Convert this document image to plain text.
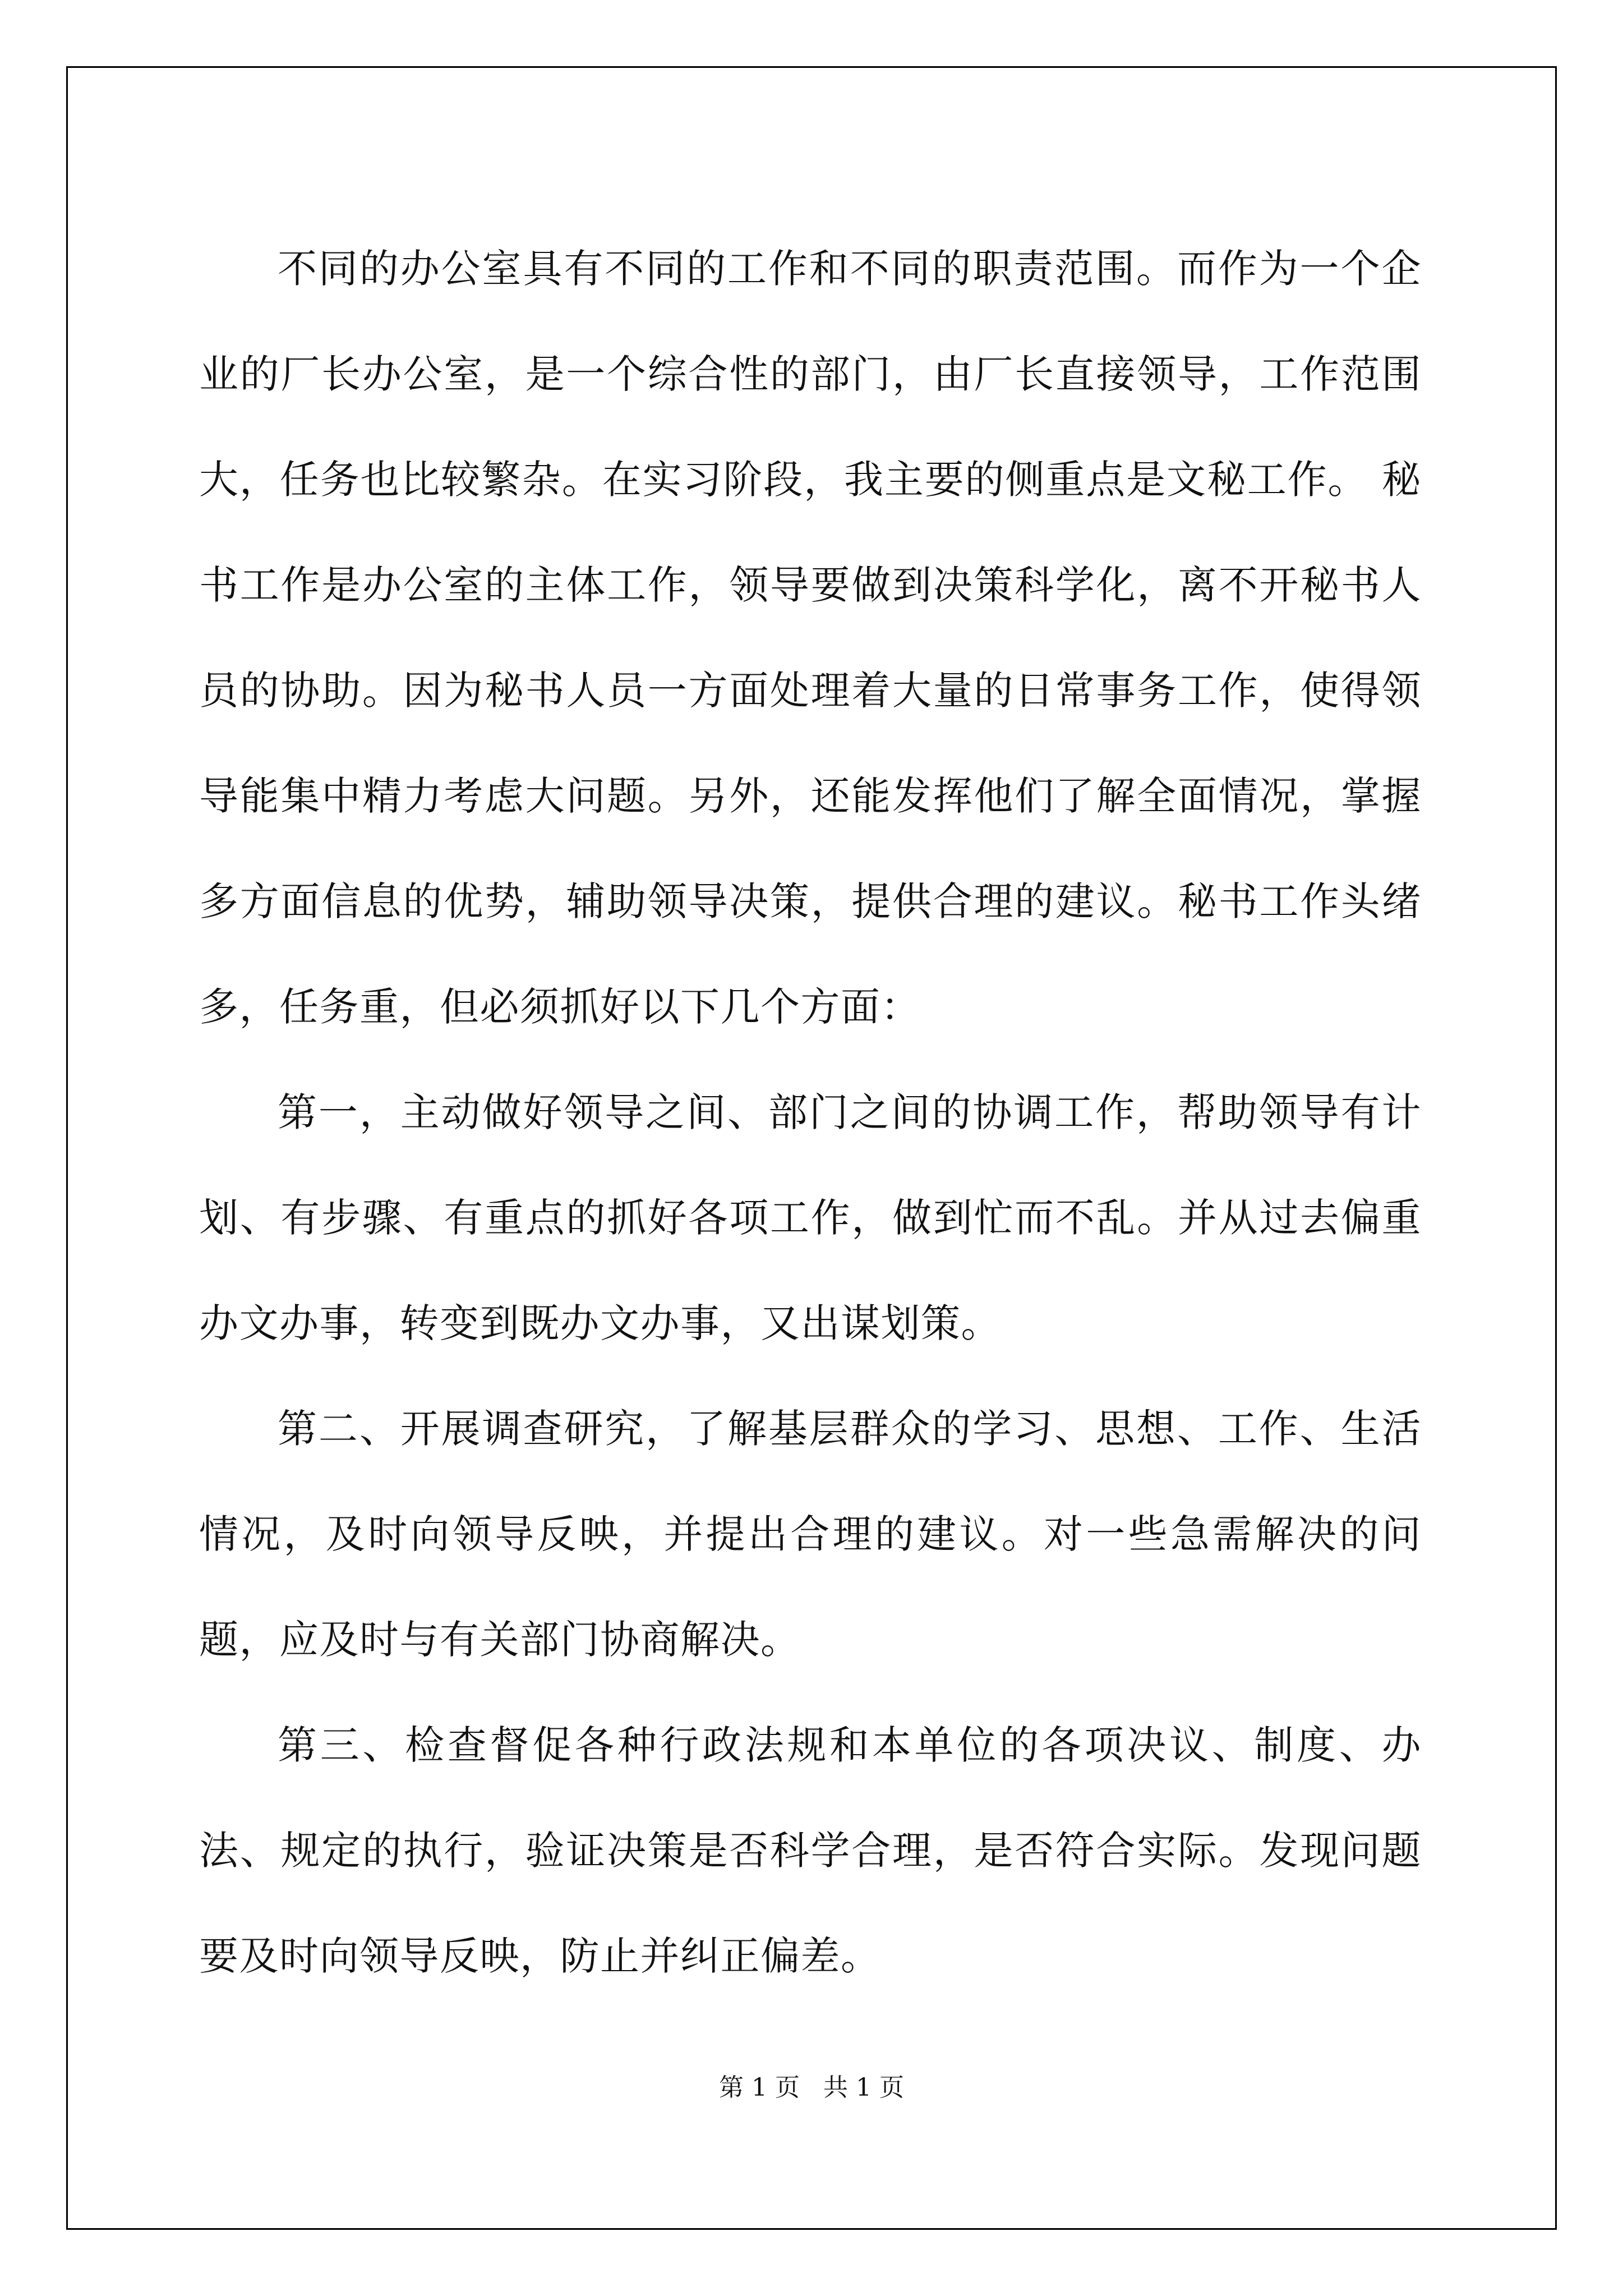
不同的办公室具有不同的工作和不同的职责范围。而作为一个企业的厂长办公室，是一个综合性的部门，由厂长直接领导，工作范围大，任务也比较繁杂。在实习阶段，我主要的侧重点是文秘工作。 秘书工作是办公室的主体工作，领导要做到决策科学化，离不开秘书人员的协助。因为秘书人员一方面处理着大量的日常事务工作，使得领导能集中精力考虑大问题。另外，还能发挥他们了解全面情况，掌握多方面信息的优势，辅助领导决策，提供合理的建议。秘书工作头绪多，任务重，但必须抓好以下几个方面：

第一，主动做好领导之间、部门之间的协调工作，帮助领导有计划、有步骤、有重点的抓好各项工作，做到忙而不乱。并从过去偏重办文办事，转变到既办文办事，又出谋划策。

第二、开展调查研究，了解基层群众的学习、思想、工作、生活情况，及时向领导反映，并提出合理的建议。对一些急需解决的问题，应及时与有关部门协商解决。

第三、检查督促各种行政法规和本单位的各项决议、制度、办法、规定的执行，验证决策是否科学合理，是否符合实际。发现问题要及时向领导反映，防止并纠正偏差。

第 1 页   共 1 页
